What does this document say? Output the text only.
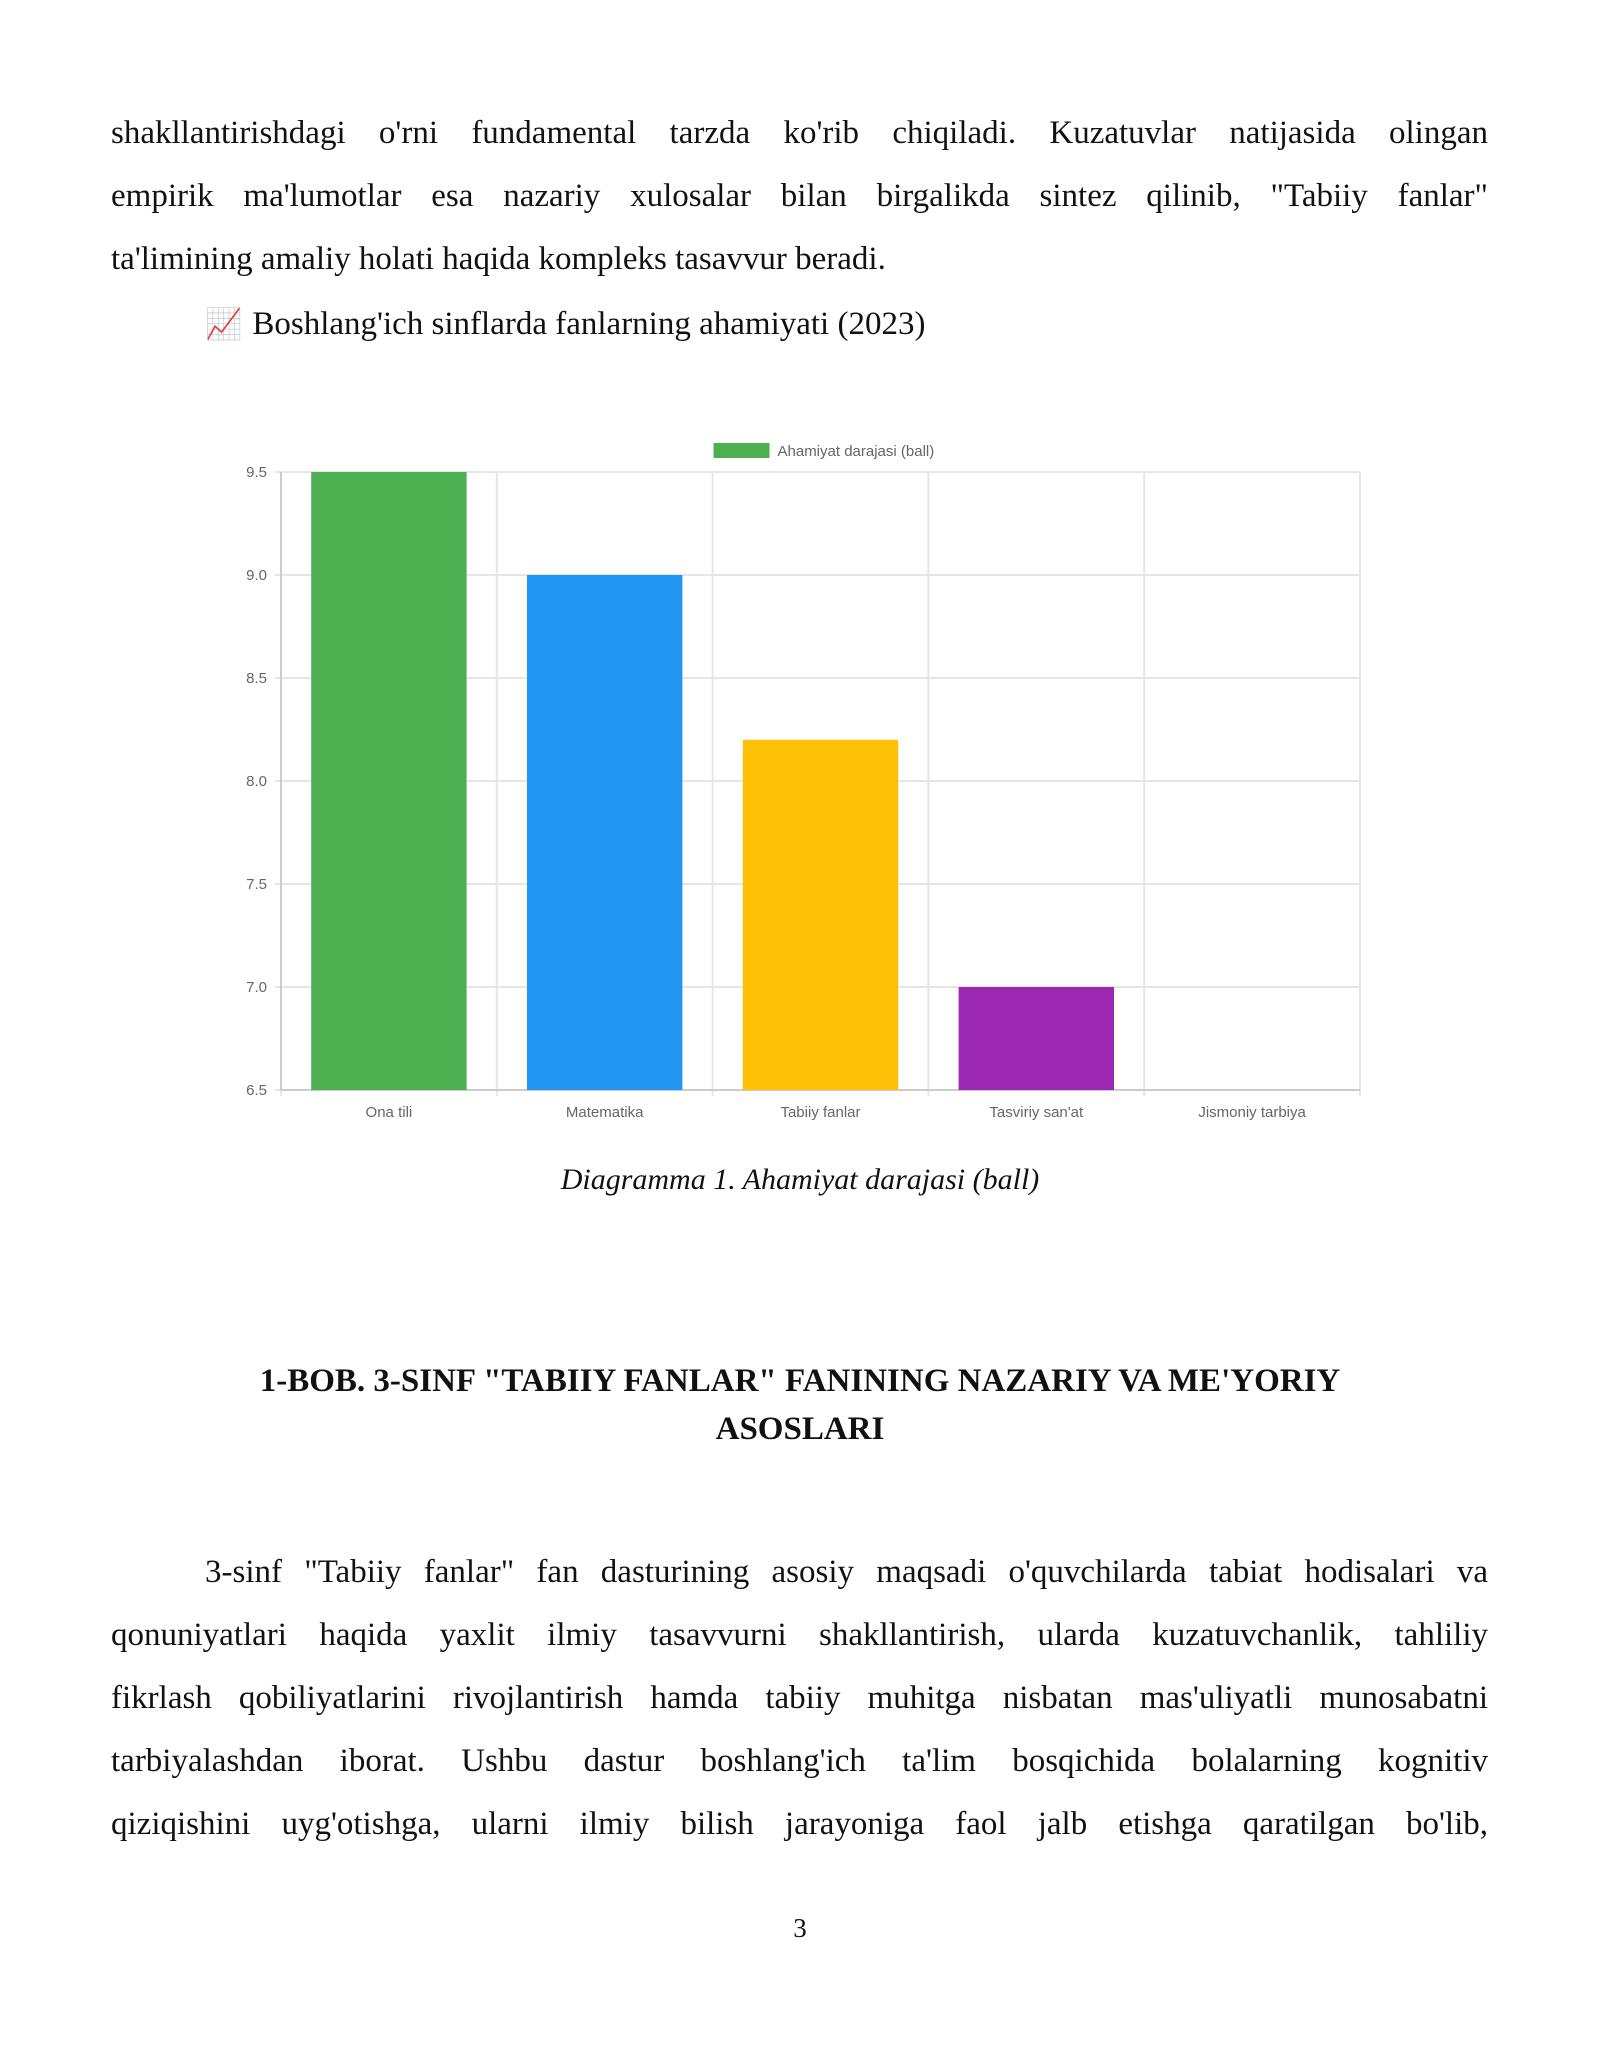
shakllantirishdagi o'rni fundamental tarzda ko'rib chiqiladi. Kuzatuvlar natijasida olingan
empirik ma'lumotlar esa nazariy xulosalar bilan birgalikda sintez qilinib, "Tabiiy fanlar"
ta'limining amaliy holati haqida kompleks tasavvur beradi.

📈 Boshlang'ich sinflarda fanlarning ahamiyati (2023)
9.5
9.0
8.5
8.0
7.5
7.0
6.5
Ona tili	Matematika	Tabiiy fanlar	Tasviriy san'at	Jismoniy tarbiya
Ahamiyat darajasi (ball)
Diagramma 1. Ahamiyat darajasi (ball)
1-BOB. 3-SINF "TABIIY FANLAR" FANINING NAZARIY VA ME'YORIY
ASOSLARI

3-sinf "Tabiiy fanlar" fan dasturining asosiy maqsadi o'quvchilarda tabiat hodisalari va
qonuniyatlari haqida yaxlit ilmiy tasavvurni shakllantirish, ularda kuzatuvchanlik, tahliliy
fikrlash qobiliyatlarini rivojlantirish hamda tabiiy muhitga nisbatan mas'uliyatli munosabatni
tarbiyalashdan iborat. Ushbu dastur boshlang'ich ta'lim bosqichida bolalarning kognitiv
qiziqishini uyg'otishga, ularni ilmiy bilish jarayoniga faol jalb etishga qaratilgan bo'lib,

3
